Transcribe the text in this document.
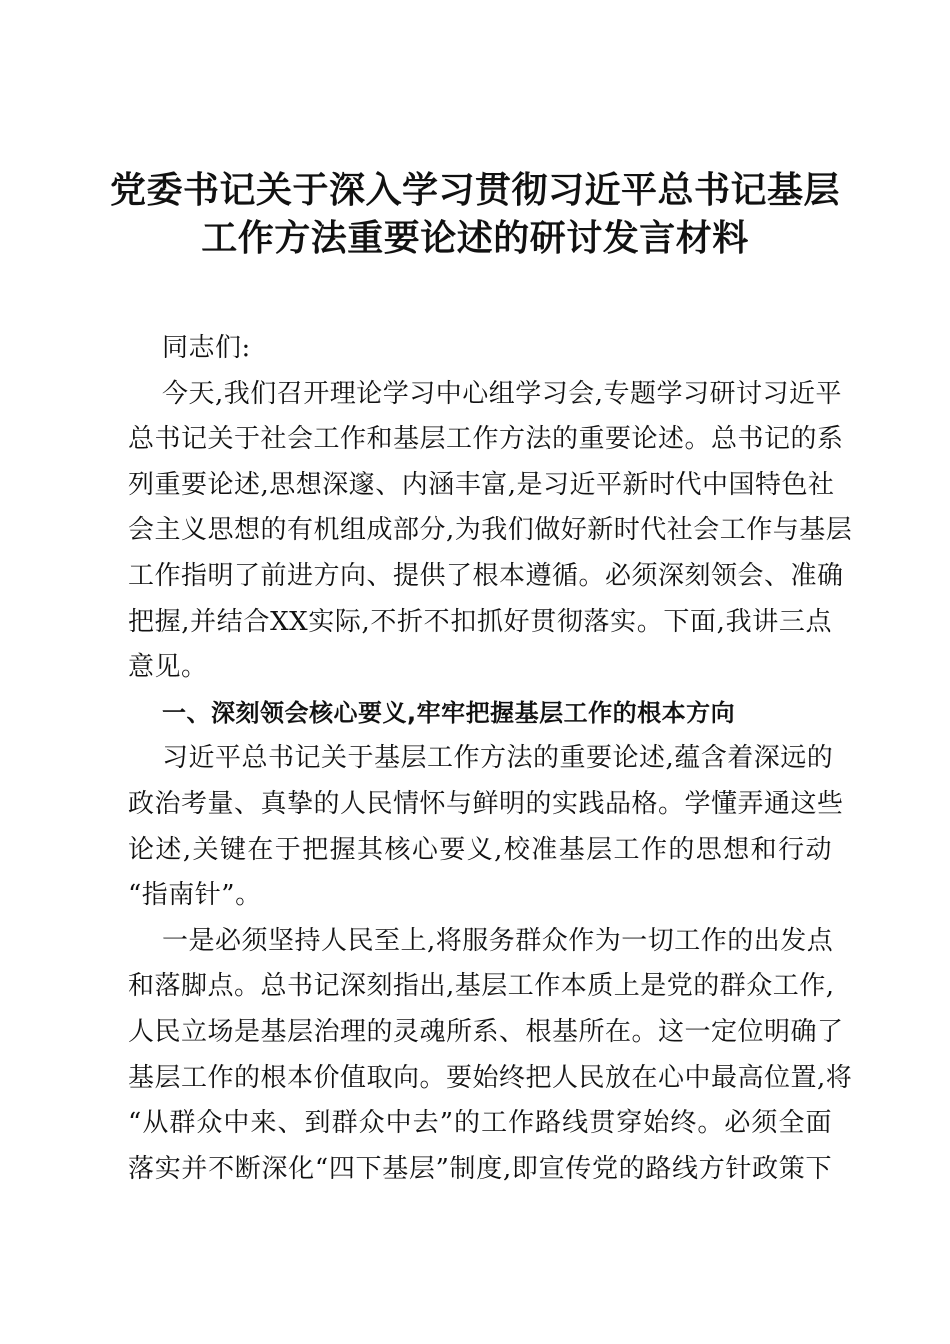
党委书记关于深入学习贯彻习近平总书记基层
工作方法重要论述的研讨发言材料
同志们:
今天,我们召开理论学习中心组学习会,专题学习研讨习近平
总书记关于社会工作和基层工作方法的重要论述。总书记的系
列重要论述,思想深邃、内涵丰富,是习近平新时代中国特色社
会主义思想的有机组成部分,为我们做好新时代社会工作与基层
工作指明了前进方向、提供了根本遵循。必须深刻领会、准确
把握,并结合XX实际,不折不扣抓好贯彻落实。下面,我讲三点
意见。
一、深刻领会核心要义,牢牢把握基层工作的根本方向
习近平总书记关于基层工作方法的重要论述,蕴含着深远的
政治考量、真挚的人民情怀与鲜明的实践品格。学懂弄通这些
论述,关键在于把握其核心要义,校准基层工作的思想和行动
“指南针”。
一是必须坚持人民至上,将服务群众作为一切工作的出发点
和落脚点。总书记深刻指出,基层工作本质上是党的群众工作,
人民立场是基层治理的灵魂所系、根基所在。这一定位明确了
基层工作的根本价值取向。要始终把人民放在心中最高位置,将
“从群众中来、到群众中去”的工作路线贯穿始终。必须全面
落实并不断深化“四下基层”制度,即宣传党的路线方针政策下
